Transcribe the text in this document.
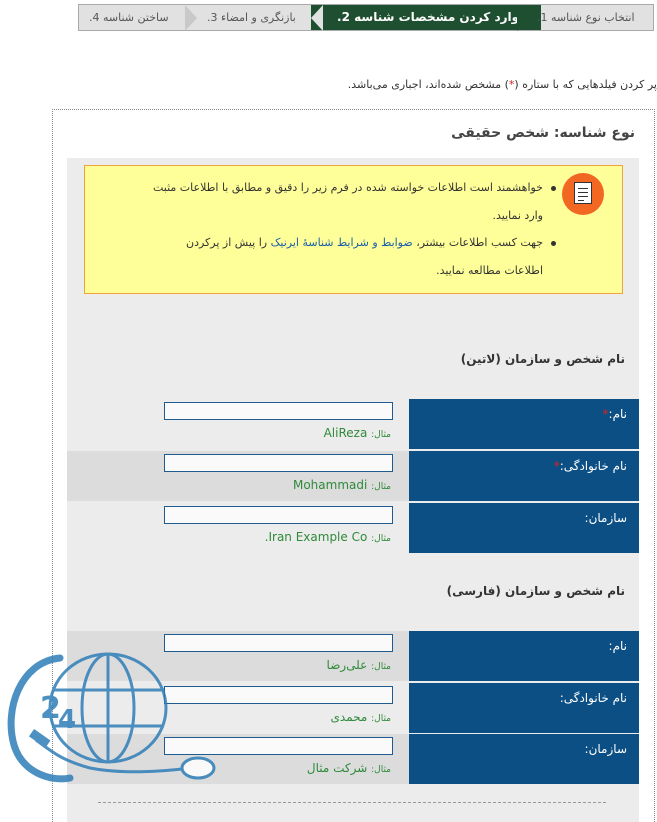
ساختن شناسه 4.	بازنگری و امضاء 3.	وارد کردن مشخصات شناسه 2.	انتخاب نوع شناسه 1.
پر کردن فیلدهایی که با ستاره (*) مشخص شده‌اند، اجباری می‌باشد.
نوع شناسه: شخص حقیقی
خواهشمند است اطلاعات خواسته شده در فرم زیر را دقیق و مطابق با اطلاعات مثبت
وارد نمایید.
جهت کسب اطلاعات بیشتر، ضوابط و شرایط شناسهٔ ایرنیک را پیش از پرکردن
اطلاعات مطالعه نمایید.
نام شخص و سازمان (لاتین)
نام:*
مثال: AliReza
نام خانوادگی:*
مثال: Mohammadi
سازمان:
مثال: Iran Example Co.
نام شخص و سازمان (فارسی)
نام:
مثال: علی‌رضا
نام خانوادگی:
مثال: محمدی
سازمان:
مثال: شرکت مثال
2
4
